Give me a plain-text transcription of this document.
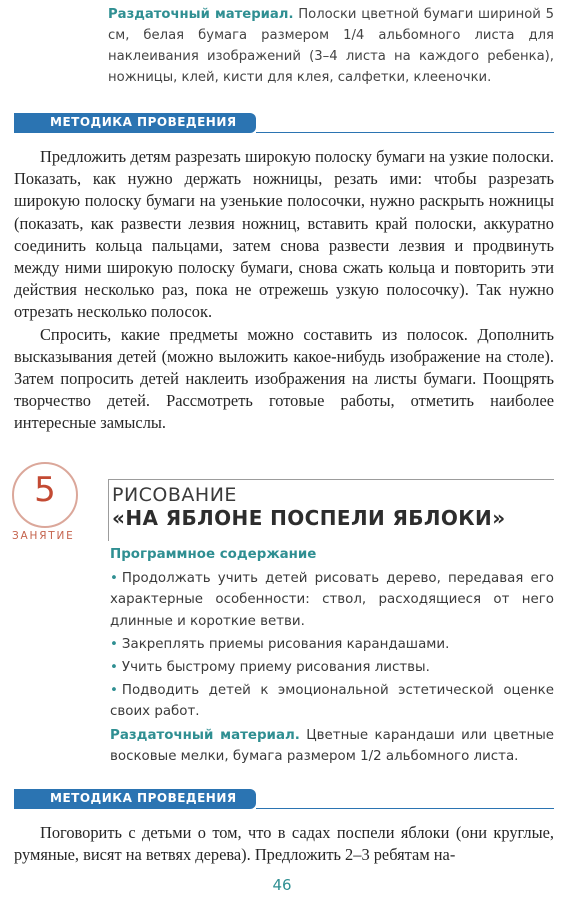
Раздаточный материал. Полоски цветной бумаги шириной 5 см, белая бумага размером 1/4 альбомного листа для наклеивания изображений (3–4 листа на каждого ребенка), ножницы, клей, кисти для клея, салфетки, клееночки.
МЕТОДИКА ПРОВЕДЕНИЯ

Предложить детям разрезать широкую полоску бумаги на узкие полоски. Показать, как нужно держать ножницы, резать ими: чтобы разрезать широкую полоску бумаги на узенькие полосочки, нужно раскрыть ножницы (показать, как развести лезвия ножниц, вставить край полоски, аккуратно соединить кольца пальцами, затем снова развести лезвия и продвинуть между ними широкую полоску бумаги, снова сжать кольца и повторить эти действия несколько раз, пока не отрежешь узкую полосочку). Так нужно отрезать несколько полосок.

Спросить, какие предметы можно составить из полосок. Дополнить высказывания детей (можно выложить какое-нибудь изображение на столе). Затем попросить детей наклеить изображения на листы бумаги. Поощрять творчество детей. Рассмотреть готовые работы, отметить наиболее интересные замыслы.

5
ЗАНЯТИЕ
РИСОВАНИЕ
«НА ЯБЛОНЕ ПОСПЕЛИ ЯБЛОКИ»
Программное содержание
• Продолжать учить детей рисовать дерево, передавая его характерные особенности: ствол, расходящиеся от него длинные и короткие ветви.
• Закреплять приемы рисования карандашами.
• Учить быстрому приему рисования листвы.
• Подводить детей к эмоциональной эстетической оценке своих работ.
Раздаточный материал. Цветные карандаши или цветные восковые мелки, бумага размером 1/2 альбомного листа.
МЕТОДИКА ПРОВЕДЕНИЯ

Поговорить с детьми о том, что в садах поспели яблоки (они круглые, румяные, висят на ветвях дерева). Предложить 2–3 ребятам на-

46
